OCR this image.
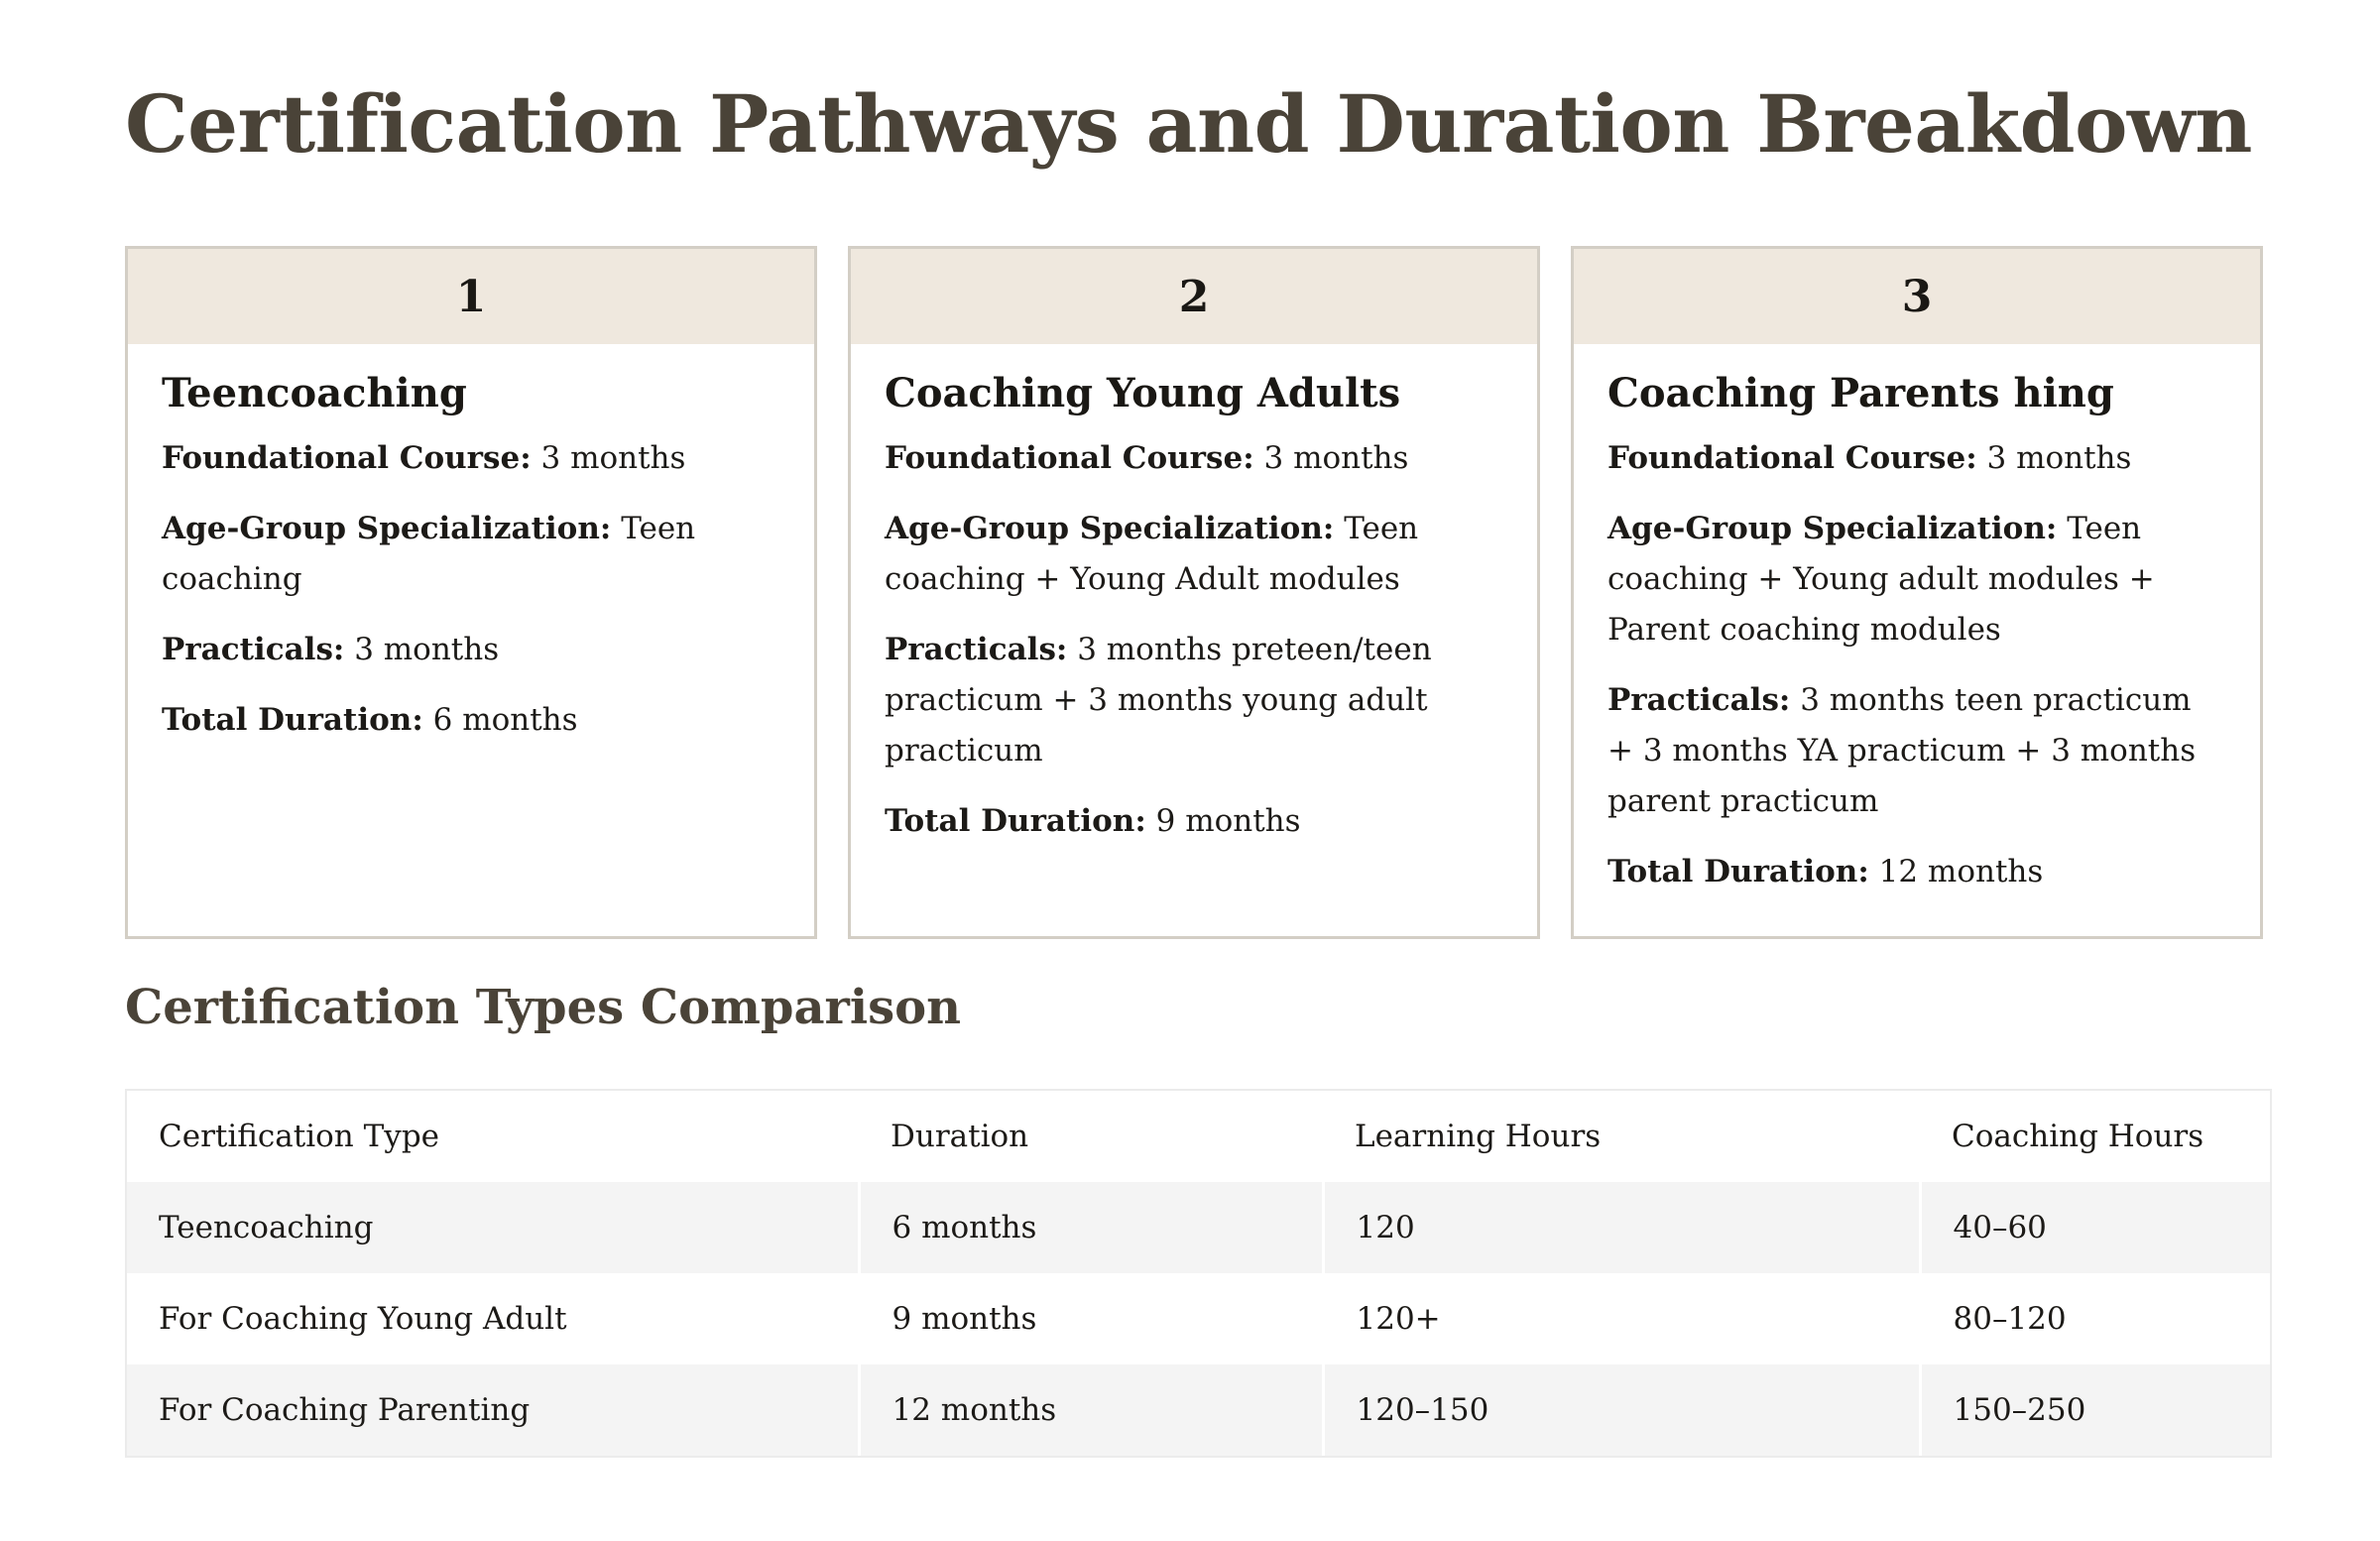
Certification Pathways and Duration Breakdown
1
Teencoaching

Foundational Course: 3 months

Age-Group Specialization: Teen coaching

Practicals: 3 months

Total Duration: 6 months

2
Coaching Young Adults

Foundational Course: 3 months

Age-Group Specialization: Teen coaching + Young Adult modules

Practicals: 3 months preteen/teen practicum + 3 months young adult practicum

Total Duration: 9 months

3
Coaching Parents hing

Foundational Course: 3 months

Age-Group Specialization: Teen coaching + Young adult modules + Parent coaching modules

Practicals: 3 months teen practicum + 3 months YA practicum + 3 months parent practicum

Total Duration: 12 months

Certification Types Comparison
Certification Type	Duration	Learning Hours	Coaching Hours
Teencoaching	6 months	120	40–60
For Coaching Young Adult	9 months	120+	80–120
For Coaching Parenting	12 months	120–150	150–250
